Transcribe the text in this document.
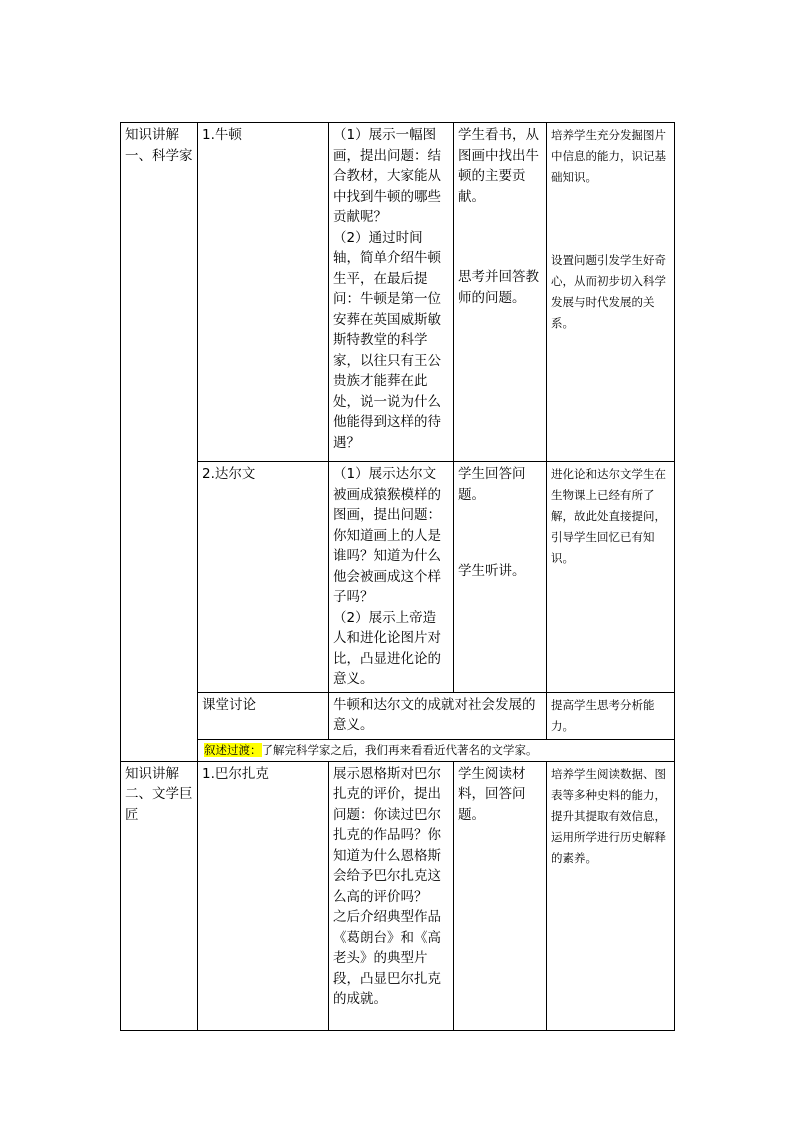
知识讲解一、科学家	1.牛顿	（1）展示一幅图画，提出问题：结合教材，大家能从中找到牛顿的哪些贡献呢？
（2）通过时间轴，简单介绍牛顿生平，在最后提问：牛顿是第一位安葬在英国威斯敏斯特教堂的科学家，以往只有王公贵族才能葬在此处，说一说为什么他能得到这样的待遇？	学生看书，从图画中找出牛顿的主要贡献。
思考并回答教师的问题。	培养学生充分发掘图片中信息的能力，识记基础知识。
设置问题引发学生好奇心，从而初步切入科学发展与时代发展的关系。

	2.达尔文	（1）展示达尔文被画成猿猴模样的图画，提出问题：你知道画上的人是谁吗？知道为什么他会被画成这个样子吗？
（2）展示上帝造人和进化论图片对比，凸显进化论的意义。	学生回答问题。
学生听讲。	进化论和达尔文学生在生物课上已经有所了解，故此处直接提问，引导学生回忆已有知识。
	课堂讨论	牛顿和达尔文的成就对社会发展的意义。		提高学生思考分析能力。
	叙述过渡：了解完科学家之后，我们再来看看近代著名的文学家。			
知识讲解二、文学巨匠	1.巴尔扎克	展示恩格斯对巴尔扎克的评价，提出问题：你读过巴尔扎克的作品吗？你知道为什么恩格斯会给予巴尔扎克这么高的评价吗？
之后介绍典型作品《葛朗台》和《高老头》的典型片段，凸显巴尔扎克的成就。	学生阅读材料，回答问题。	培养学生阅读数据、图表等多种史料的能力，提升其提取有效信息，运用所学进行历史解释的素养。
